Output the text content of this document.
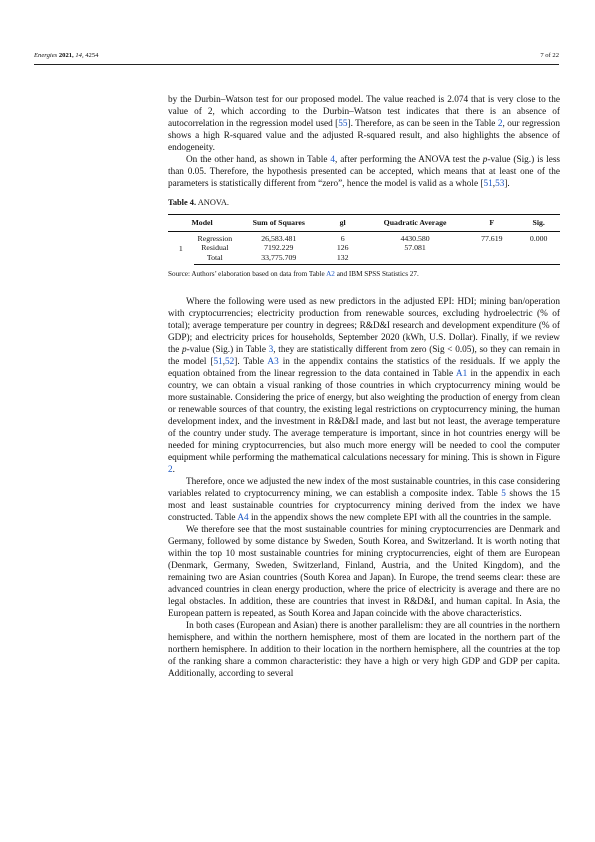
Energies 2021, 14, 4254	7 of 22

by the Durbin–Watson test for our proposed model. The value reached is 2.074 that is very close to the value of 2, which according to the Durbin–Watson test indicates that there is an absence of autocorrelation in the regression model used [55]. Therefore, as can be seen in the Table 2, our regression shows a high R-squared value and the adjusted R-squared result, and also highlights the absence of endogeneity.

On the other hand, as shown in Table 4, after performing the ANOVA test the p-value (Sig.) is less than 0.05. Therefore, the hypothesis presented can be accepted, which means that at least one of the parameters is statistically different from “zero”, hence the model is valid as a whole [51,53].

Table 4. ANOVA.
Model		Sum of Squares	gl	Quadratic Average	F	Sig.
1	Regression	26,583.481	6	4430.580	77.619	0.000
	Residual	7192.229	126	57.081		
	Total	33,775.709	132			
Source: Authors’ elaboration based on data from Table A2 and IBM SPSS Statistics 27.

Where the following were used as new predictors in the adjusted EPI: HDI; mining ban/operation with cryptocurrencies; electricity production from renewable sources, excluding hydroelectric (% of total); average temperature per country in degrees; R&D&I research and development expenditure (% of GDP); and electricity prices for households, September 2020 (kWh, U.S. Dollar). Finally, if we review the p-value (Sig.) in Table 3, they are statistically different from zero (Sig < 0.05), so they can remain in the model [51,52]. Table A3 in the appendix contains the statistics of the residuals. If we apply the equation obtained from the linear regression to the data contained in Table A1 in the appendix in each country, we can obtain a visual ranking of those countries in which cryptocurrency mining would be more sustainable. Considering the price of energy, but also weighting the production of energy from clean or renewable sources of that country, the existing legal restrictions on cryptocurrency mining, the human development index, and the investment in R&D&I made, and last but not least, the average temperature of the country under study. The average temperature is important, since in hot countries energy will be needed for mining cryptocurrencies, but also much more energy will be needed to cool the computer equipment while performing the mathematical calculations necessary for mining. This is shown in Figure 2.

Therefore, once we adjusted the new index of the most sustainable countries, in this case considering variables related to cryptocurrency mining, we can establish a composite index. Table 5 shows the 15 most and least sustainable countries for cryptocurrency mining derived from the index we have constructed. Table A4 in the appendix shows the new complete EPI with all the countries in the sample.

We therefore see that the most sustainable countries for mining cryptocurrencies are Denmark and Germany, followed by some distance by Sweden, South Korea, and Switzerland. It is worth noting that within the top 10 most sustainable countries for mining cryptocurrencies, eight of them are European (Denmark, Germany, Sweden, Switzerland, Finland, Austria, and the United Kingdom), and the remaining two are Asian countries (South Korea and Japan). In Europe, the trend seems clear: these are advanced countries in clean energy production, where the price of electricity is average and there are no legal obstacles. In addition, these are countries that invest in R&D&I, and human capital. In Asia, the European pattern is repeated, as South Korea and Japan coincide with the above characteristics.

In both cases (European and Asian) there is another parallelism: they are all countries in the northern hemisphere, and within the northern hemisphere, most of them are located in the northern part of the northern hemisphere. In addition to their location in the northern hemisphere, all the countries at the top of the ranking share a common characteristic: they have a high or very high GDP and GDP per capita. Additionally, according to several
